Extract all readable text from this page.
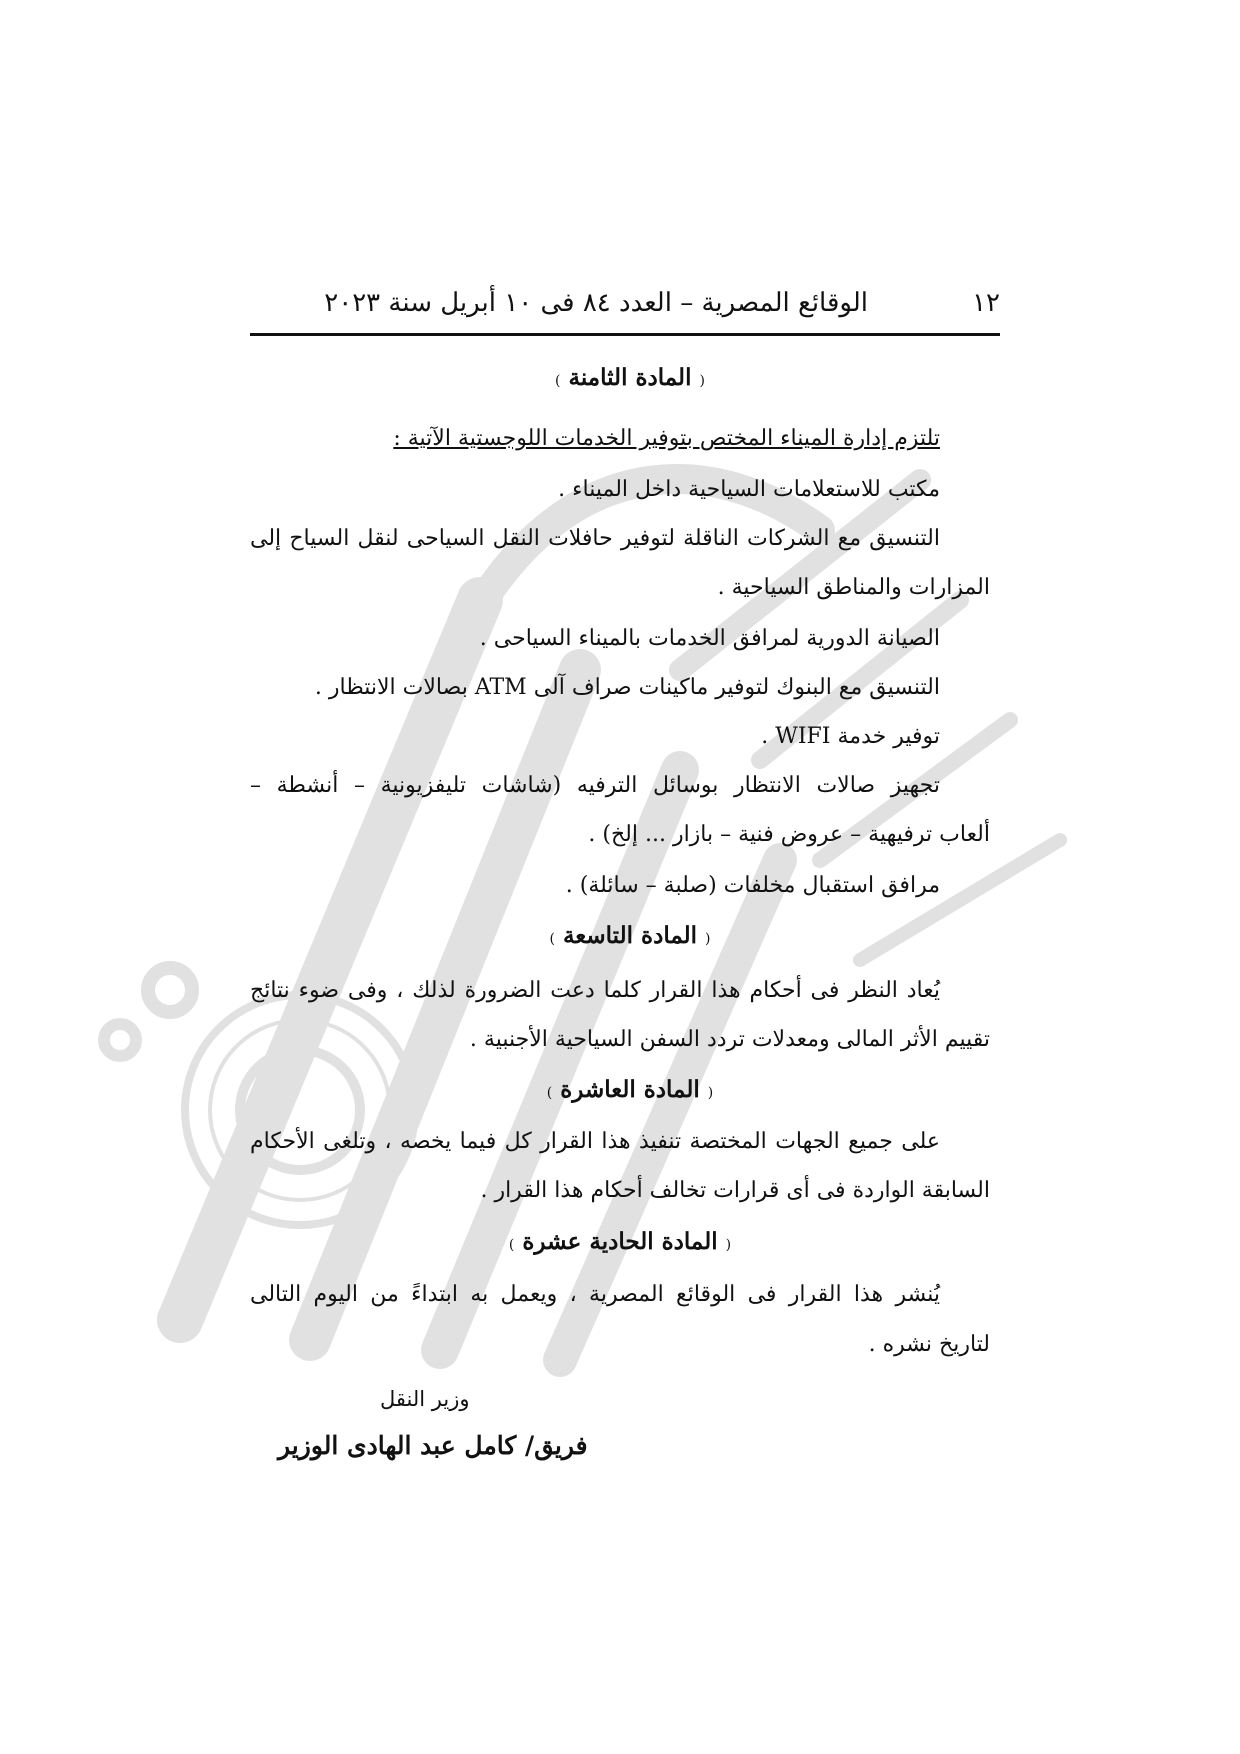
١٢
الوقائع المصرية – العدد ٨٤ فى ١٠ أبريل سنة ٢٠٢٣
( المادة الثامنة )
تلتزم إدارة الميناء المختص بتوفير الخدمات اللوجستية الآتية :
مكتب للاستعلامات السياحية داخل الميناء .
التنسيق مع الشركات الناقلة لتوفير حافلات النقل السياحى لنقل السياح إلى
المزارات والمناطق السياحية .
الصيانة الدورية لمرافق الخدمات بالميناء السياحى .
التنسيق مع البنوك لتوفير ماكينات صراف آلى ATM بصالات الانتظار .
توفير خدمة WIFI .
تجهيز صالات الانتظار بوسائل الترفيه (شاشات تليفزيونية – أنشطة –
ألعاب ترفيهية – عروض فنية – بازار ... إلخ) .
مرافق استقبال مخلفات (صلبة – سائلة) .
( المادة التاسعة )
يُعاد النظر فى أحكام هذا القرار كلما دعت الضرورة لذلك ، وفى ضوء نتائج
تقييم الأثر المالى ومعدلات تردد السفن السياحية الأجنبية .
( المادة العاشرة )
على جميع الجهات المختصة تنفيذ هذا القرار كل فيما يخصه ، وتلغى الأحكام
السابقة الواردة فى أى قرارات تخالف أحكام هذا القرار .
( المادة الحادية عشرة )
يُنشر هذا القرار فى الوقائع المصرية ، ويعمل به ابتداءً من اليوم التالى
لتاريخ نشره .
وزير النقل
فريق/ كامل عبد الهادى الوزير
